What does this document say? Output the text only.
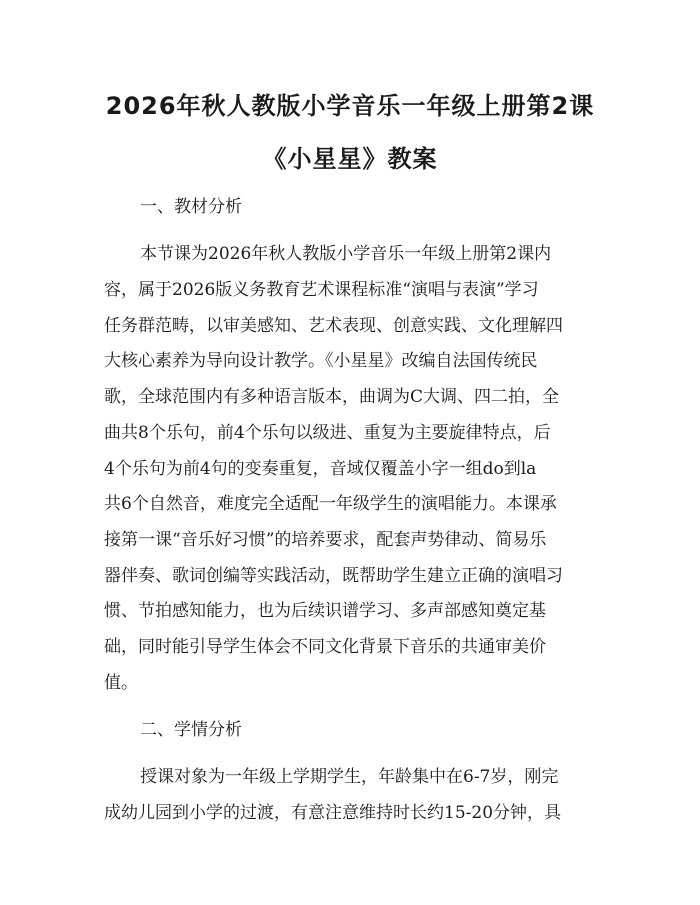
2026年秋人教版小学音乐一年级上册第2课
《小星星》教案
一、教材分析
本节课为2026年秋人教版小学音乐一年级上册第2课内
容，属于2026版义务教育艺术课程标准“演唱与表演”学习
任务群范畴，以审美感知、艺术表现、创意实践、文化理解四
大核心素养为导向设计教学。《小星星》改编自法国传统民
歌，全球范围内有多种语言版本，曲调为C大调、四二拍，全
曲共8个乐句，前4个乐句以级进、重复为主要旋律特点，后
4个乐句为前4句的变奏重复，音域仅覆盖小字一组do到la
共6个自然音，难度完全适配一年级学生的演唱能力。本课承
接第一课“音乐好习惯”的培养要求，配套声势律动、简易乐
器伴奏、歌词创编等实践活动，既帮助学生建立正确的演唱习
惯、节拍感知能力，也为后续识谱学习、多声部感知奠定基
础，同时能引导学生体会不同文化背景下音乐的共通审美价
值。
二、学情分析
授课对象为一年级上学期学生，年龄集中在6-7岁，刚完
成幼儿园到小学的过渡，有意注意维持时长约15-20分钟，具
